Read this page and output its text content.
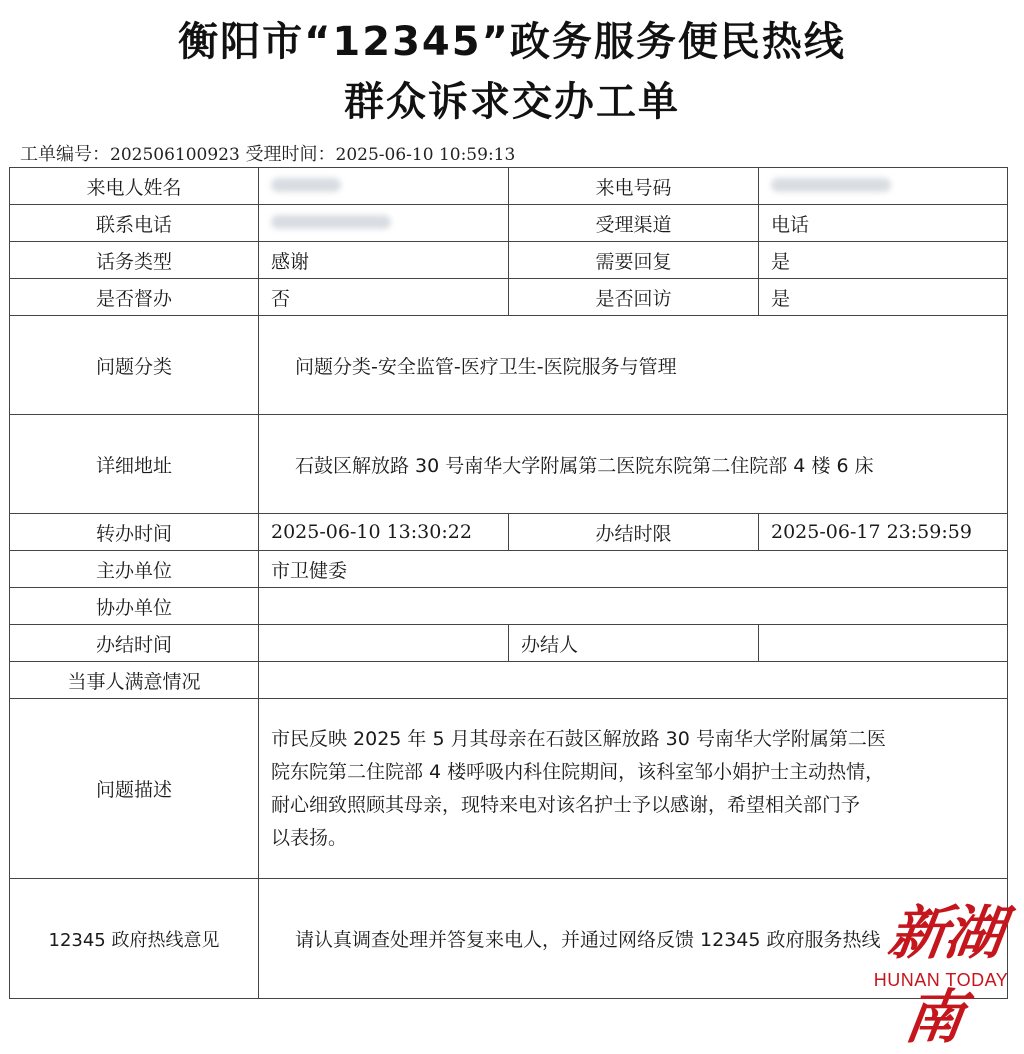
衡阳市“12345”政务服务便民热线
群众诉求交办工单
工单编号：202506100923 受理时间：2025-06-10 10:59:13
来电人姓名		来电号码	
联系电话		受理渠道	电话
话务类型	感谢	需要回复	是
是否督办	否	是否回访	是
问题分类	问题分类-安全监管-医疗卫生-医院服务与管理		
详细地址	石鼓区解放路 30 号南华大学附属第二医院东院第二住院部 4 楼 6 床		
转办时间	2025-06-10 13:30:22	办结时限	2025-06-17 23:59:59
主办单位	市卫健委		
协办单位			
办结时间		办结人	
当事人满意情况			
问题描述	市民反映 2025 年 5 月其母亲在石鼓区解放路 30 号南华大学附属第二医
院东院第二住院部 4 楼呼吸内科住院期间，该科室邹小娟护士主动热情，
耐心细致照顾其母亲，现特来电对该名护士予以感谢，希望相关部门予
以表扬。		

12345 政府热线意见	请认真调查处理并答复来电人，并通过网络反馈 12345 政府服务热线		新湖南
HUNAN TODAY
